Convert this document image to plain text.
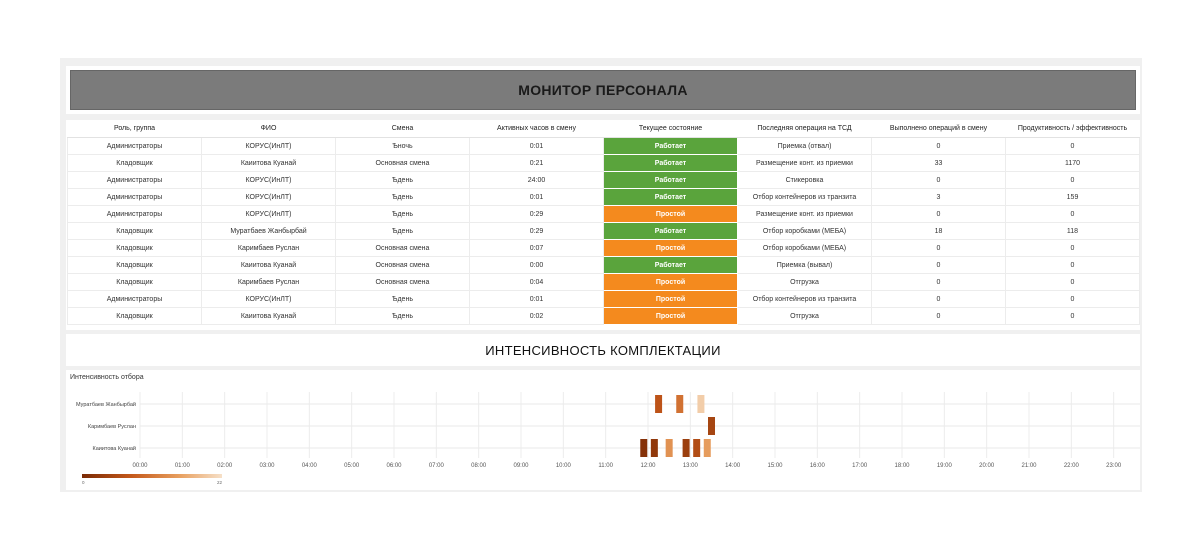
МОНИТОР ПЕРСОНАЛА
Роль, группа	ФИО	Смена	Активных часов в смену	Текущее состояние	Последняя операция на ТСД	Выполнено операций в смену	Продуктивность / эффективность
Администраторы	КОРУС(ИнЛТ)	Ѣночь	0:01	Работает	Приемка (отвал)	0	0
Кладовщик	Каиитова Куанай	Основная смена	0:21	Работает	Размещение конт. из приемки	33	1170
Администраторы	КОРУС(ИнЛТ)	Ѣдень	24:00	Работает	Стикеровка	0	0
Администраторы	КОРУС(ИнЛТ)	Ѣдень	0:01	Работает	Отбор контейнеров из транзита	3	159
Администраторы	КОРУС(ИнЛТ)	Ѣдень	0:29	Простой	Размещение конт. из приемки	0	0
Кладовщик	Муратбаев Жанбырбай	Ѣдень	0:29	Работает	Отбор коробками (МЕБА)	18	118
Кладовщик	Каримбаев Руслан	Основная смена	0:07	Простой	Отбор коробками (МЕБА)	0	0
Кладовщик	Каиитова Куанай	Основная смена	0:00	Работает	Приемка (вывал)	0	0
Кладовщик	Каримбаев Руслан	Основная смена	0:04	Простой	Отгрузка	0	0
Администраторы	КОРУС(ИнЛТ)	Ѣдень	0:01	Простой	Отбор контейнеров из транзита	0	0
Кладовщик	Каиитова Куанай	Ѣдень	0:02	Простой	Отгрузка	0	0
ИНТЕНСИВНОСТЬ КОМПЛЕКТАЦИИ
Интенсивность отбора
00:00	01:00	02:00	03:00	04:00	05:00	06:00	07:00	08:00	09:00	10:00	11:00	12:00	13:00	14:00	15:00	16:00	17:00	18:00	19:00	20:00	21:00	22:00	23:00
Муратбаев Жанбырбай
Каримбаев Руслан
Каиитова Куанай
0	22
